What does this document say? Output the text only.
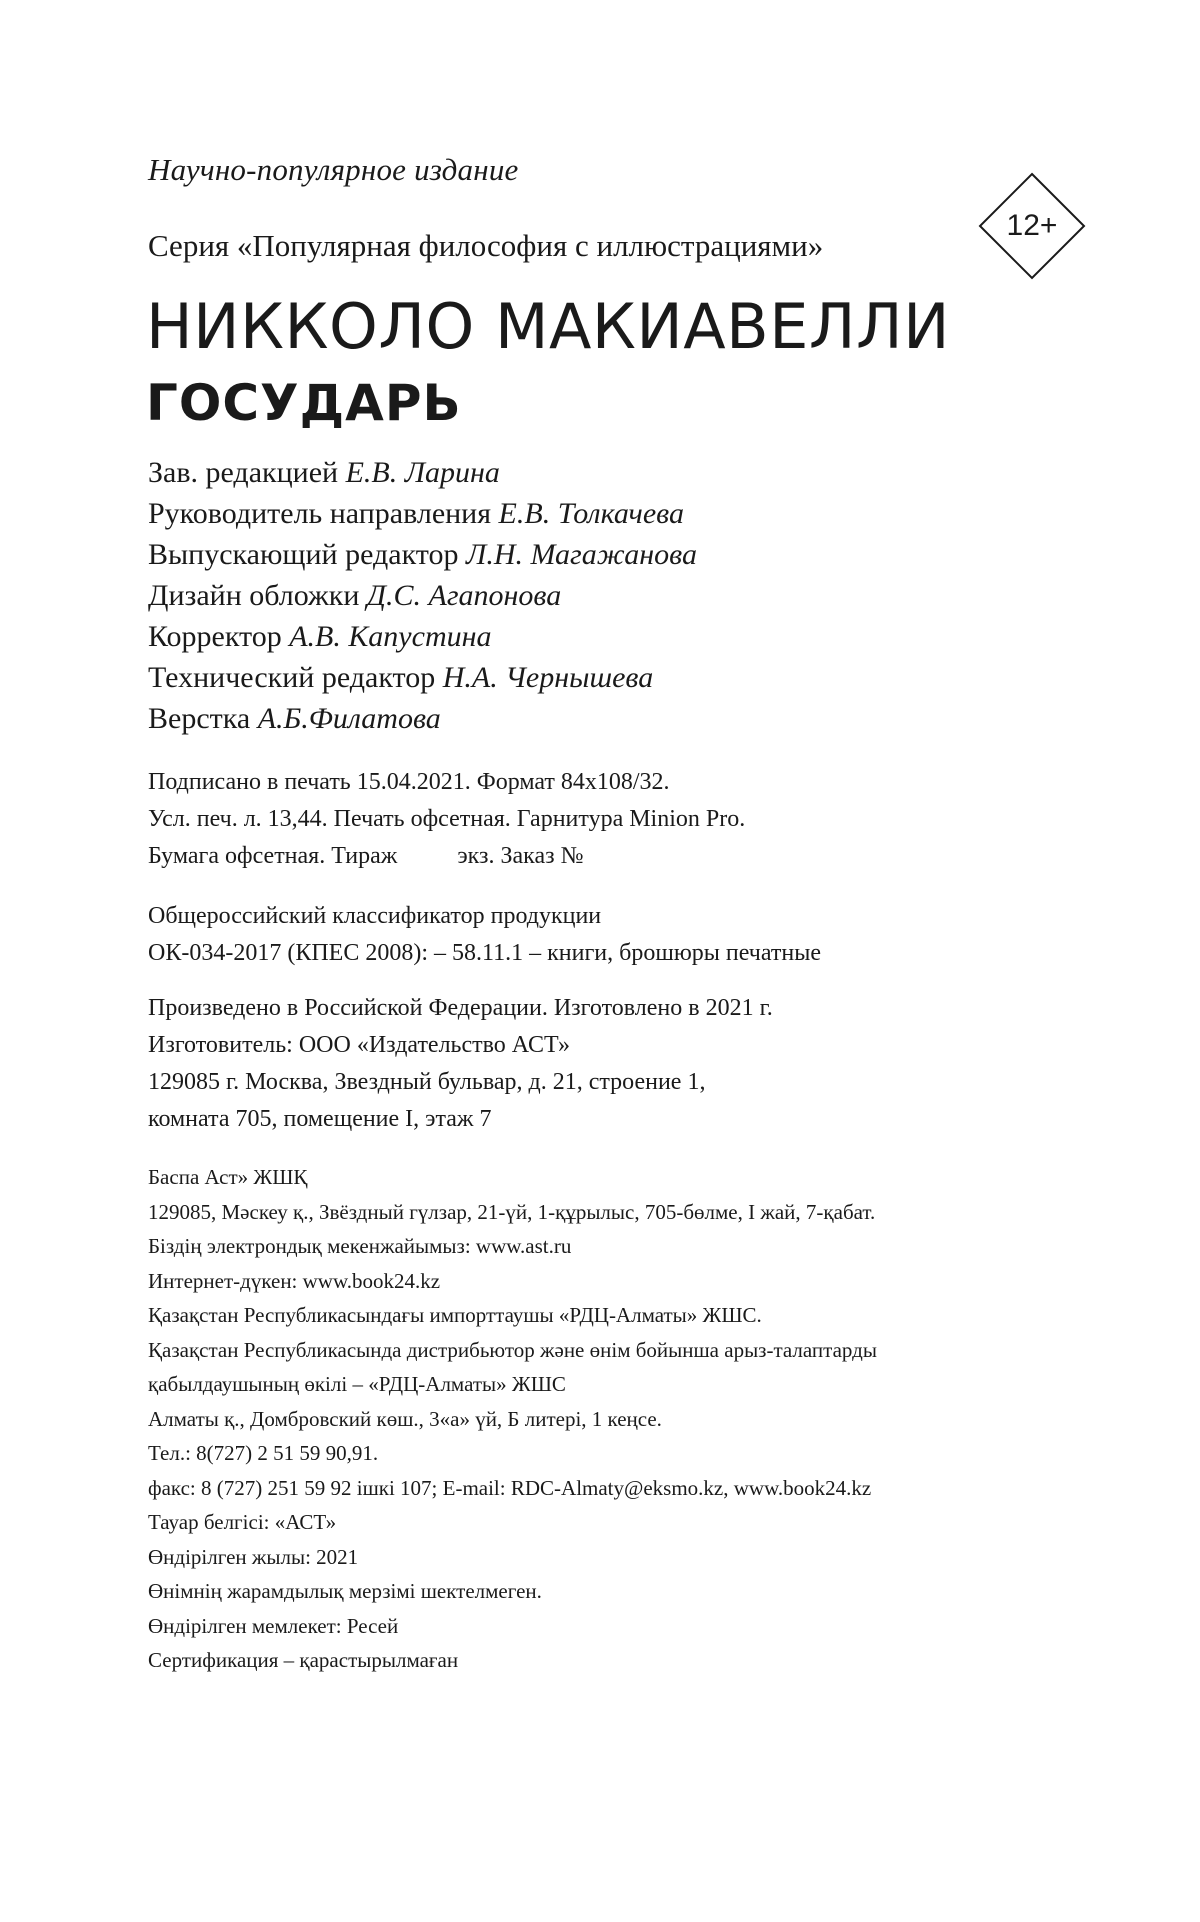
Научно-популярное издание
Серия «Популярная философия с иллюстрациями»
12+
НИККОЛО МАКИАВЕЛЛИ
ГОСУДАРЬ
Зав. редакцией Е.В. Ларина
Руководитель направления Е.В. Толкачева
Выпускающий редактор Л.Н. Магажанова
Дизайн обложки Д.С. Агапонова
Корректор А.В. Капустина
Технический редактор Н.А. Чернышева
Верстка А.Б.Филатова
Подписано в печать 15.04.2021. Формат 84x108/32.
Усл. печ. л. 13,44. Печать офсетная. Гарнитура Minion Pro.
Бумага офсетная. Тираж          экз. Заказ №
Общероссийский классификатор продукции
ОК-034-2017 (КПЕС 2008): – 58.11.1 – книги, брошюры печатные
Произведено в Российской Федерации. Изготовлено в 2021 г.
Изготовитель: ООО «Издательство АСТ»
129085 г. Москва, Звездный бульвар, д. 21, строение 1,
комната 705, помещение I, этаж 7
Баспа Аст» ЖШҚ
129085, Мәскеу қ., Звёздный гүлзар, 21-үй, 1-құрылыс, 705-бөлме, I жай, 7-қабат.
Біздің электрондық мекенжайымыз: www.ast.ru
Интернет-дүкен: www.book24.kz
Қазақстан Республикасындағы импорттаушы «РДЦ-Алматы» ЖШС.
Қазақстан Республикасында дистрибьютор және өнім бойынша арыз-талаптарды
қабылдаушының өкілі – «РДЦ-Алматы» ЖШС
Алматы қ., Домбровский көш., 3«а» үй, Б литері, 1 кеңсе.
Тел.: 8(727) 2 51 59 90,91.
факс: 8 (727) 251 59 92 ішкі 107; E-mail: RDC-Almaty@eksmo.kz, www.book24.kz
Тауар белгісі: «АСТ»
Өндірілген жылы: 2021
Өнімнің жарамдылық мерзімі шектелмеген.
Өндірілген мемлекет: Ресей
Сертификация – қарастырылмаған
